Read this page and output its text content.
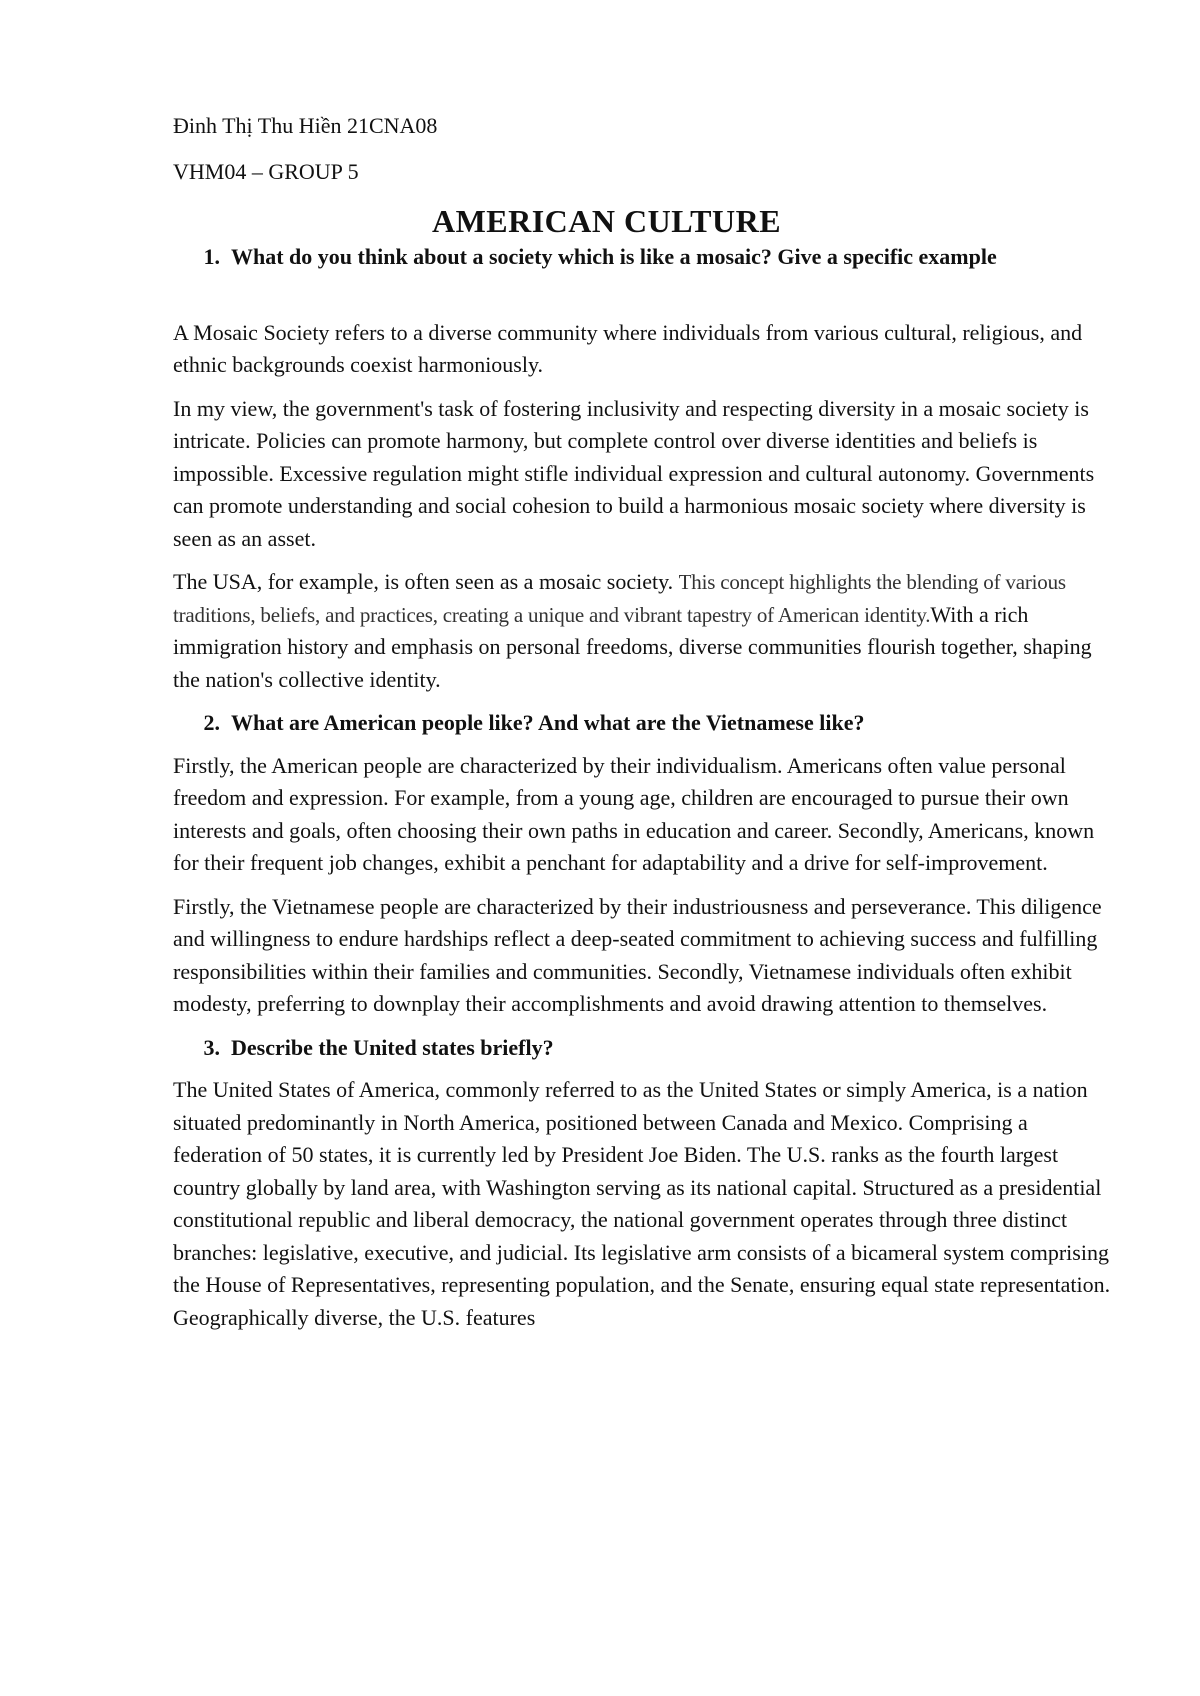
Đinh Thị Thu Hiền 21CNA08

VHM04 – GROUP 5

AMERICAN CULTURE

1. What do you think about a society which is like a mosaic? Give a specific example

A Mosaic Society refers to a diverse community where individuals from various cultural, religious, and ethnic backgrounds coexist harmoniously.

In my view, the government's task of fostering inclusivity and respecting diversity in a mosaic society is intricate. Policies can promote harmony, but complete control over diverse identities and beliefs is impossible. Excessive regulation might stifle individual expression and cultural autonomy. Governments can promote understanding and social cohesion to build a harmonious mosaic society where diversity is seen as an asset.

The USA, for example, is often seen as a mosaic society. This concept highlights the blending of various traditions, beliefs, and practices, creating a unique and vibrant tapestry of American identity.With a rich immigration history and emphasis on personal freedoms, diverse communities flourish together, shaping the nation's collective identity.

2. What are American people like? And what are the Vietnamese like?

Firstly, the American people are characterized by their individualism. Americans often value personal freedom and expression. For example, from a young age, children are encouraged to pursue their own interests and goals, often choosing their own paths in education and career. Secondly, Americans, known for their frequent job changes, exhibit a penchant for adaptability and a drive for self-improvement.

Firstly, the Vietnamese people are characterized by their industriousness and perseverance. This diligence and willingness to endure hardships reflect a deep-seated commitment to achieving success and fulfilling responsibilities within their families and communities. Secondly, Vietnamese individuals often exhibit modesty, preferring to downplay their accomplishments and avoid drawing attention to themselves.

3. Describe the United states briefly?

The United States of America, commonly referred to as the United States or simply America, is a nation situated predominantly in North America, positioned between Canada and Mexico. Comprising a federation of 50 states, it is currently led by President Joe Biden. The U.S. ranks as the fourth largest country globally by land area, with Washington serving as its national capital. Structured as a presidential constitutional republic and liberal democracy, the national government operates through three distinct branches: legislative, executive, and judicial. Its legislative arm consists of a bicameral system comprising the House of Representatives, representing population, and the Senate, ensuring equal state representation. Geographically diverse, the U.S. features
